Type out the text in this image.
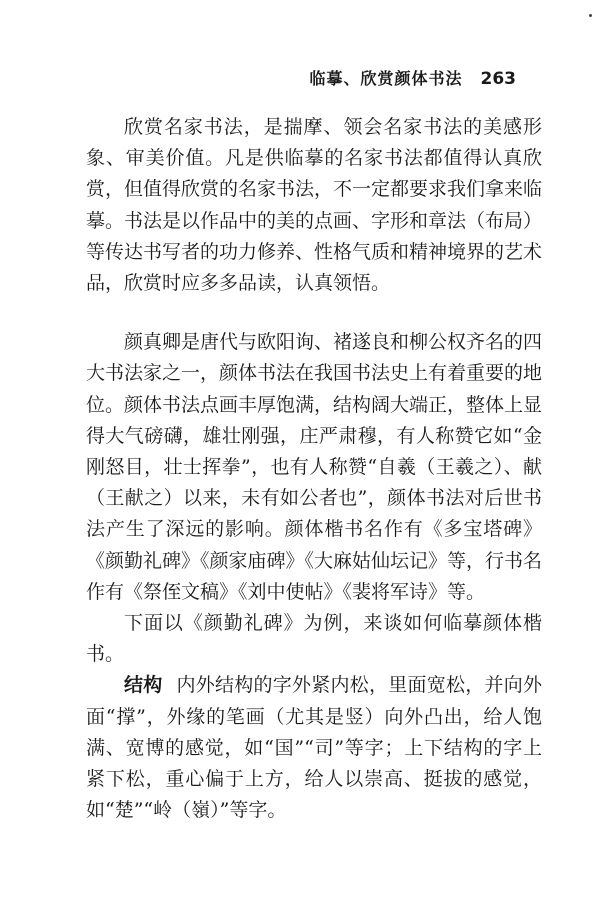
临摹、欣赏颜体书法 263

欣赏名家书法，是揣摩、领会名家书法的美感形象、审美价值。凡是供临摹的名家书法都值得认真欣赏，但值得欣赏的名家书法，不一定都要求我们拿来临摹。书法是以作品中的美的点画、字形和章法（布局）等传达书写者的功力修养、性格气质和精神境界的艺术品，欣赏时应多多品读，认真领悟。

颜真卿是唐代与欧阳询、褚遂良和柳公权齐名的四大书法家之一，颜体书法在我国书法史上有着重要的地位。颜体书法点画丰厚饱满，结构阔大端正，整体上显得大气磅礴，雄壮刚强，庄严肃穆，有人称赞它如“金刚怒目，壮士挥拳”，也有人称赞“自羲（王羲之）、献（王献之）以来，未有如公者也”，颜体书法对后世书法产生了深远的影响。颜体楷书名作有《多宝塔碑》《颜勤礼碑》《颜家庙碑》《大麻姑仙坛记》等，行书名作有《祭侄文稿》《刘中使帖》《裴将军诗》等。

下面以《颜勤礼碑》为例，来谈如何临摹颜体楷书。

结构 内外结构的字外紧内松，里面宽松，并向外面“撑”，外缘的笔画（尤其是竖）向外凸出，给人饱满、宽博的感觉，如“国”“司”等字；上下结构的字上紧下松，重心偏于上方，给人以崇高、挺拔的感觉，如“楚”“岭（嶺）”等字。
